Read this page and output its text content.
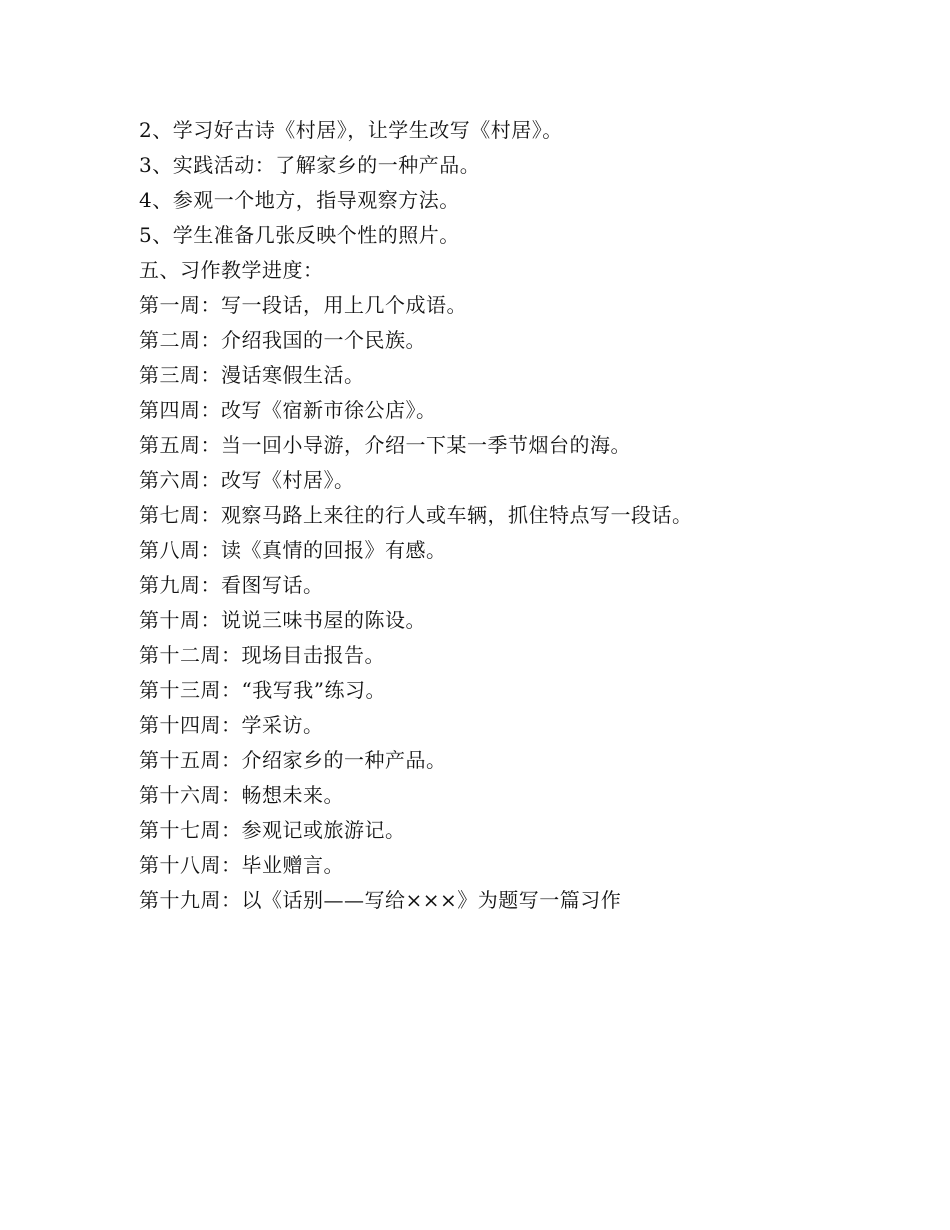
2、学习好古诗《村居》，让学生改写《村居》。
3、实践活动：了解家乡的一种产品。
4、参观一个地方，指导观察方法。
5、学生准备几张反映个性的照片。
五、习作教学进度：
第一周：写一段话，用上几个成语。
第二周：介绍我国的一个民族。
第三周：漫话寒假生活。
第四周：改写《宿新市徐公店》。
第五周：当一回小导游，介绍一下某一季节烟台的海。
第六周：改写《村居》。
第七周：观察马路上来往的行人或车辆，抓住特点写一段话。
第八周：读《真情的回报》有感。
第九周：看图写话。
第十周：说说三味书屋的陈设。
第十二周：现场目击报告。
第十三周：“我写我”练习。
第十四周：学采访。
第十五周：介绍家乡的一种产品。
第十六周：畅想未来。
第十七周：参观记或旅游记。
第十八周：毕业赠言。
第十九周：以《话别——写给×××》为题写一篇习作
